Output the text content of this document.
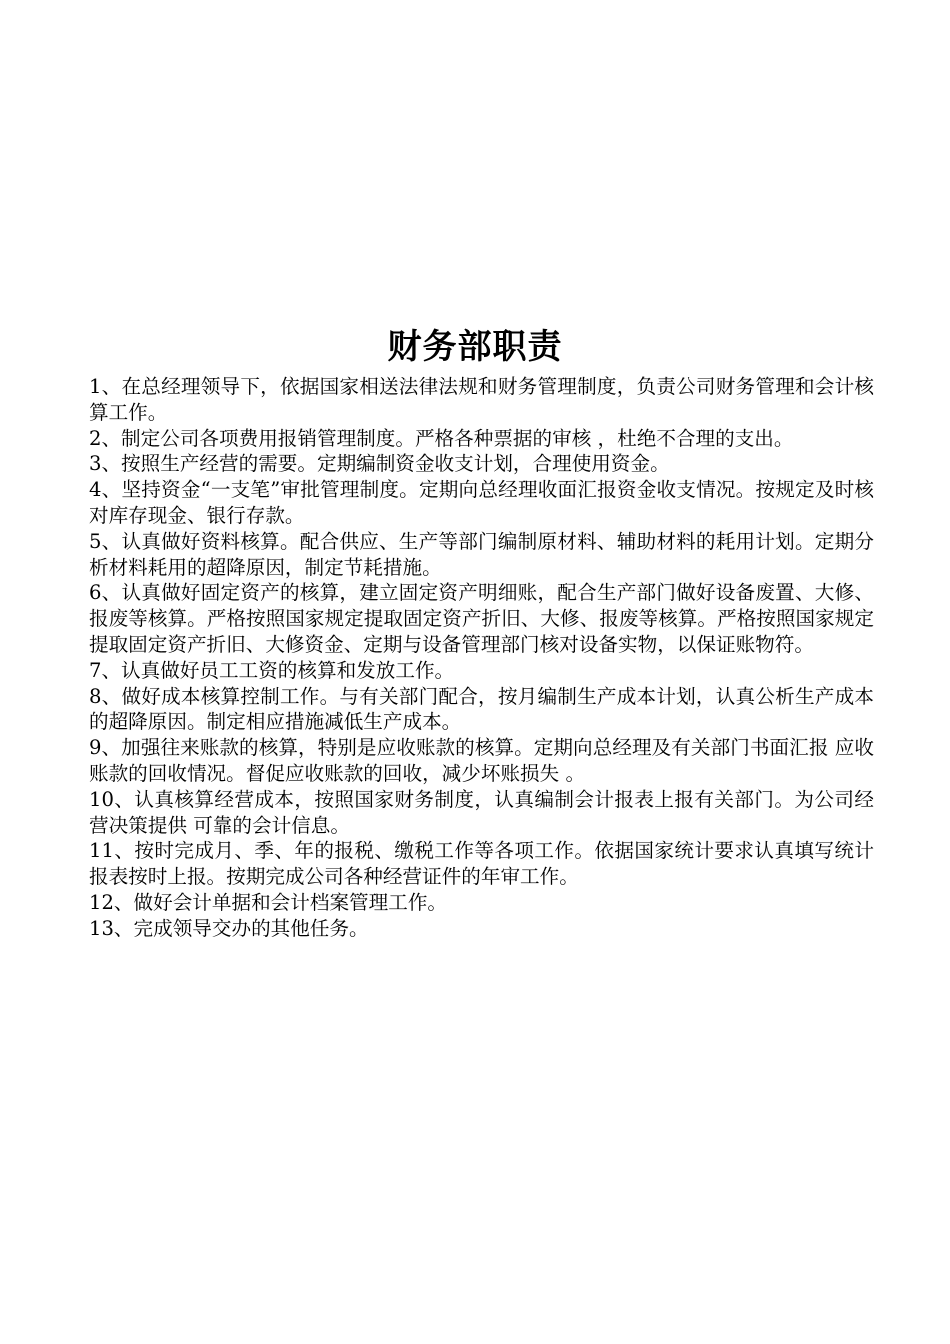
财务部职责
1、在总经理领导下，依据国家相送法律法规和财务管理制度，负责公司财务管理和会计核算工作。
2、制定公司各项费用报销管理制度。严格各种票据的审核 ，杜绝不合理的支出。
3、按照生产经营的需要。定期编制资金收支计划，合理使用资金。
4、坚持资金“一支笔”审批管理制度。定期向总经理收面汇报资金收支情况。按规定及时核对库存现金、银行存款。
5、认真做好资料核算。配合供应、生产等部门编制原材料、辅助材料的耗用计划。定期分析材料耗用的超降原因，制定节耗措施。
6、认真做好固定资产的核算，建立固定资产明细账，配合生产部门做好设备废置、大修、报废等核算。严格按照国家规定提取固定资产折旧、大修、报废等核算。严格按照国家规定提取固定资产折旧、大修资金、定期与设备管理部门核对设备实物，以保证账物符。
7、认真做好员工工资的核算和发放工作。
8、做好成本核算控制工作。与有关部门配合，按月编制生产成本计划，认真公析生产成本的超降原因。制定相应措施减低生产成本。
9、加强往来账款的核算，特别是应收账款的核算。定期向总经理及有关部门书面汇报 应收账款的回收情况。督促应收账款的回收，减少坏账损失 。
10、认真核算经营成本，按照国家财务制度，认真编制会计报表上报有关部门。为公司经营决策提供 可靠的会计信息。
11、按时完成月、季、年的报税、缴税工作等各项工作。依据国家统计要求认真填写统计报表按时上报。按期完成公司各种经营证件的年审工作。
12、做好会计单据和会计档案管理工作。
13、完成领导交办的其他任务。
